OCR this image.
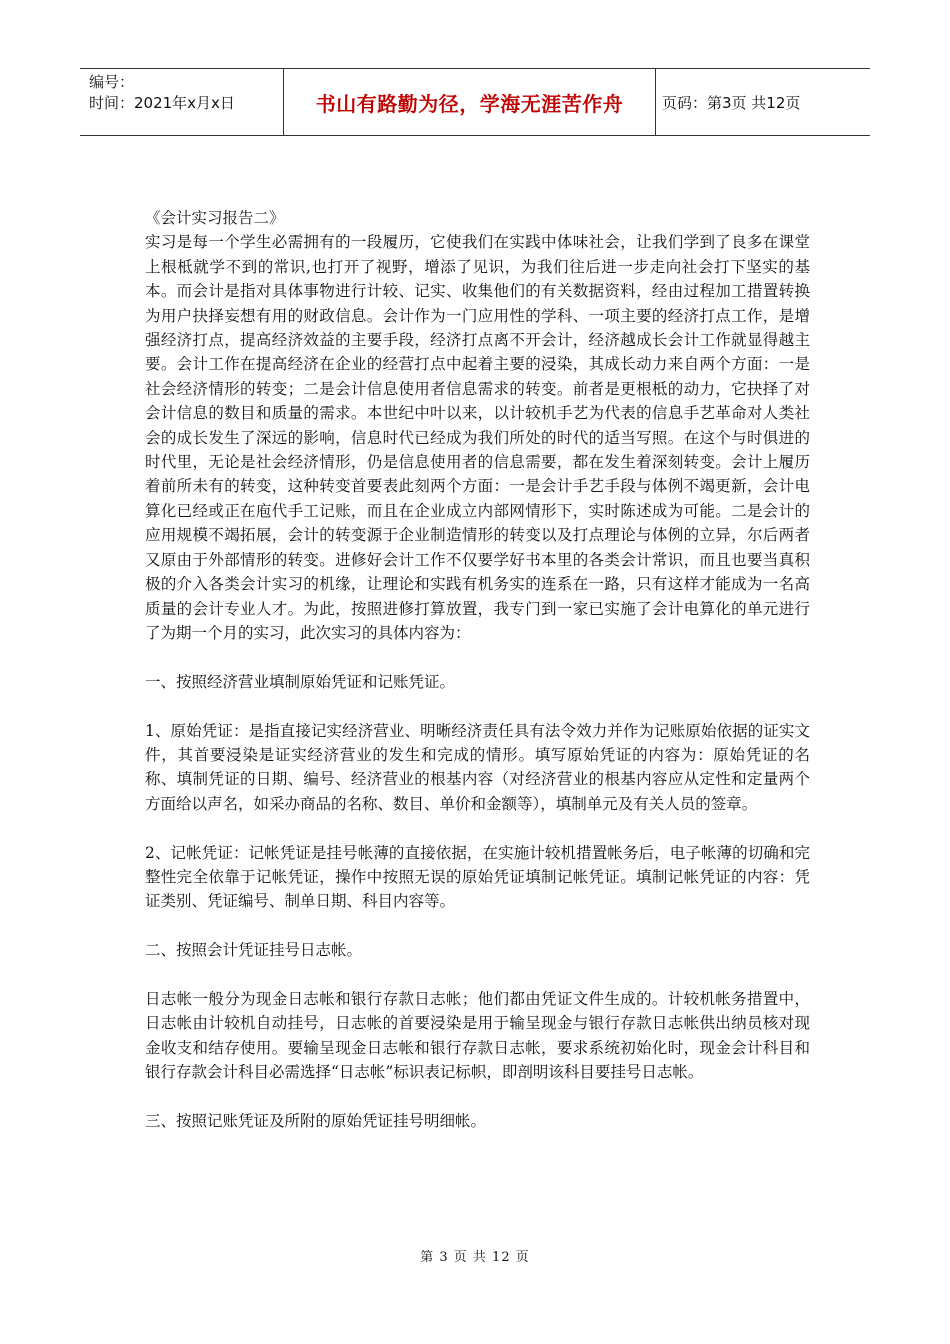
编号：
时间：2021年x月x日	书山有路勤为径，学海无涯苦作舟	页码：第3页 共12页

《会计实习报告二》

实习是每一个学生必需拥有的一段履历，它使我们在实践中体味社会，让我们学到了良多在课堂上根柢就学不到的常识,也打开了视野，增添了见识，为我们往后进一步走向社会打下坚实的基本。而会计是指对具体事物进行计较、记实、收集他们的有关数据资料，经由过程加工措置转换为用户抉择妄想有用的财政信息。会计作为一门应用性的学科、一项主要的经济打点工作，是增强经济打点，提高经济效益的主要手段，经济打点离不开会计，经济越成长会计工作就显得越主要。会计工作在提高经济在企业的经营打点中起着主要的浸染，其成长动力来自两个方面：一是社会经济情形的转变；二是会计信息使用者信息需求的转变。前者是更根柢的动力，它抉择了对会计信息的数目和质量的需求。本世纪中叶以来，以计较机手艺为代表的信息手艺革命对人类社会的成长发生了深远的影响，信息时代已经成为我们所处的时代的适当写照。在这个与时俱进的时代里，无论是社会经济情形，仍是信息使用者的信息需要，都在发生着深刻转变。会计上履历着前所未有的转变，这种转变首要表此刻两个方面：一是会计手艺手段与体例不竭更新，会计电算化已经或正在庖代手工记账，而且在企业成立内部网情形下，实时陈述成为可能。二是会计的应用规模不竭拓展，会计的转变源于企业制造情形的转变以及打点理论与体例的立异，尔后两者又原由于外部情形的转变。进修好会计工作不仅要学好书本里的各类会计常识，而且也要当真积极的介入各类会计实习的机缘，让理论和实践有机务实的连系在一路，只有这样才能成为一名高质量的会计专业人才。为此，按照进修打算放置，我专门到一家已实施了会计电算化的单元进行了为期一个月的实习，此次实习的具体内容为：

一、按照经济营业填制原始凭证和记账凭证。

1、原始凭证：是指直接记实经济营业、明晰经济责任具有法令效力并作为记账原始依据的证实文件，其首要浸染是证实经济营业的发生和完成的情形。填写原始凭证的内容为：原始凭证的名称、填制凭证的日期、编号、经济营业的根基内容（对经济营业的根基内容应从定性和定量两个方面给以声名，如采办商品的名称、数目、单价和金额等），填制单元及有关人员的签章。

2、记帐凭证：记帐凭证是挂号帐薄的直接依据，在实施计较机措置帐务后，电子帐薄的切确和完整性完全依靠于记帐凭证，操作中按照无误的原始凭证填制记帐凭证。填制记帐凭证的内容：凭证类别、凭证编号、制单日期、科目内容等。

二、按照会计凭证挂号日志帐。

日志帐一般分为现金日志帐和银行存款日志帐；他们都由凭证文件生成的。计较机帐务措置中，日志帐由计较机自动挂号，日志帐的首要浸染是用于输呈现金与银行存款日志帐供出纳员核对现金收支和结存使用。要输呈现金日志帐和银行存款日志帐，要求系统初始化时，现金会计科目和银行存款会计科目必需选择“日志帐”标识表记标帜，即剖明该科目要挂号日志帐。

三、按照记账凭证及所附的原始凭证挂号明细帐。

第 3 页 共 12 页
